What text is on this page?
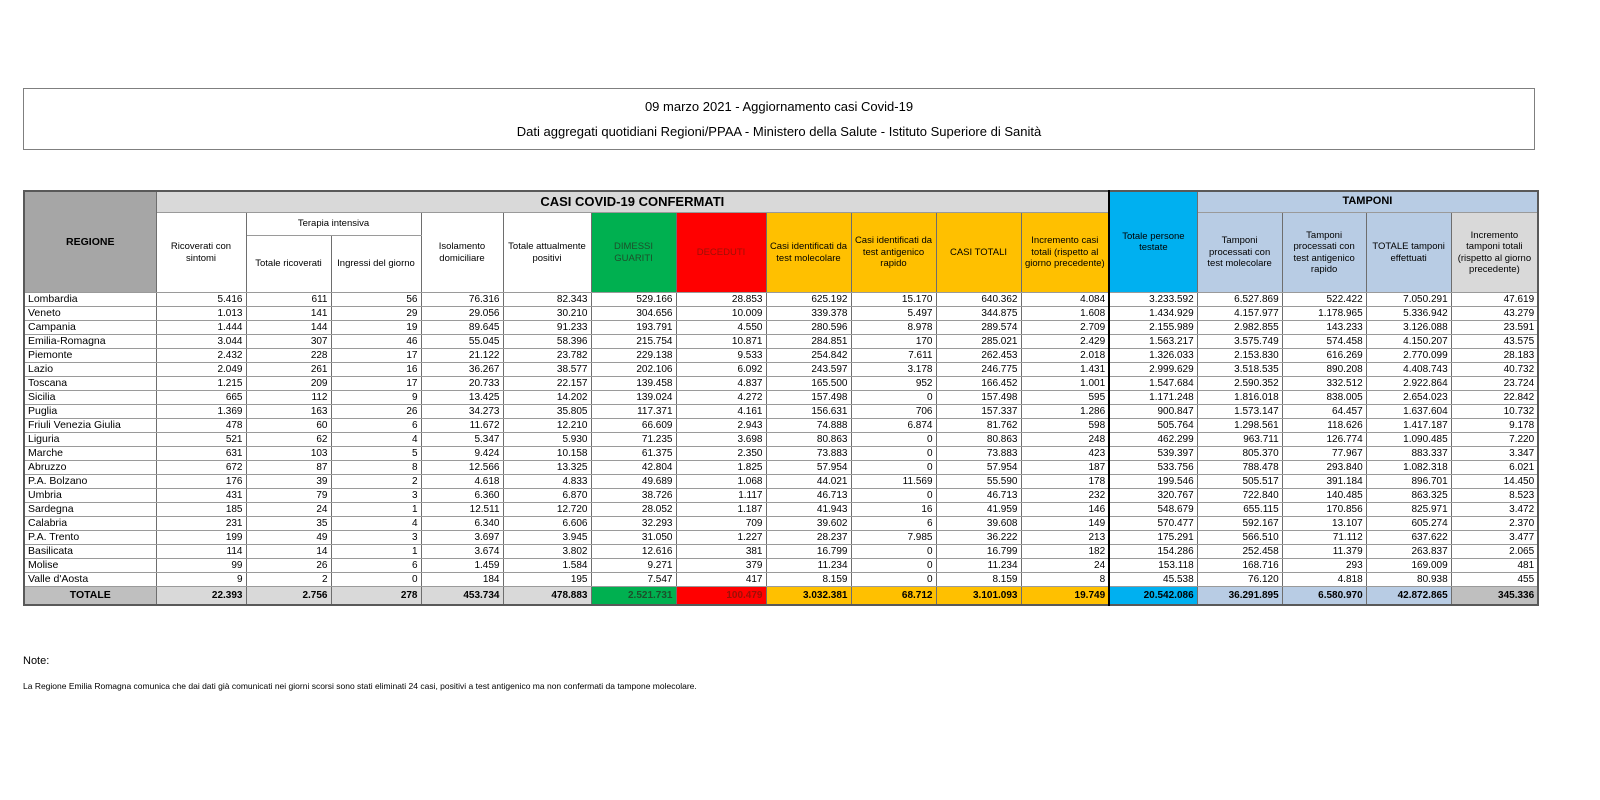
09 marzo 2021 - Aggiornamento casi Covid-19

Dati aggregati quotidiani Regioni/PPAA - Ministero della Salute - Istituto Superiore di Sanità

REGIONE	CASI COVID-19 CONFERMATI											Totale persone testate	TAMPONI			
	Ricoverati con sintomi	Terapia intensiva		Isolamento domiciliare	Totale attualmente positivi	DIMESSI GUARITI	DECEDUTI	Casi identificati da test molecolare	Casi identificati da test antigenico rapido	CASI TOTALI	Incremento casi totali (rispetto al giorno precedente)		Tamponi processati con test molecolare	Tamponi processati con test antigenico rapido	TOTALE tamponi effettuati	Incremento tamponi totali (rispetto al giorno precedente)
		Totale ricoverati	Ingressi del giorno													
Lombardia	5.416	611	56	76.316	82.343	529.166	28.853	625.192	15.170	640.362	4.084	3.233.592	6.527.869	522.422	7.050.291	47.619
Veneto	1.013	141	29	29.056	30.210	304.656	10.009	339.378	5.497	344.875	1.608	1.434.929	4.157.977	1.178.965	5.336.942	43.279
Campania	1.444	144	19	89.645	91.233	193.791	4.550	280.596	8.978	289.574	2.709	2.155.989	2.982.855	143.233	3.126.088	23.591
Emilia-Romagna	3.044	307	46	55.045	58.396	215.754	10.871	284.851	170	285.021	2.429	1.563.217	3.575.749	574.458	4.150.207	43.575
Piemonte	2.432	228	17	21.122	23.782	229.138	9.533	254.842	7.611	262.453	2.018	1.326.033	2.153.830	616.269	2.770.099	28.183
Lazio	2.049	261	16	36.267	38.577	202.106	6.092	243.597	3.178	246.775	1.431	2.999.629	3.518.535	890.208	4.408.743	40.732
Toscana	1.215	209	17	20.733	22.157	139.458	4.837	165.500	952	166.452	1.001	1.547.684	2.590.352	332.512	2.922.864	23.724
Sicilia	665	112	9	13.425	14.202	139.024	4.272	157.498	0	157.498	595	1.171.248	1.816.018	838.005	2.654.023	22.842
Puglia	1.369	163	26	34.273	35.805	117.371	4.161	156.631	706	157.337	1.286	900.847	1.573.147	64.457	1.637.604	10.732
Friuli Venezia Giulia	478	60	6	11.672	12.210	66.609	2.943	74.888	6.874	81.762	598	505.764	1.298.561	118.626	1.417.187	9.178
Liguria	521	62	4	5.347	5.930	71.235	3.698	80.863	0	80.863	248	462.299	963.711	126.774	1.090.485	7.220
Marche	631	103	5	9.424	10.158	61.375	2.350	73.883	0	73.883	423	539.397	805.370	77.967	883.337	3.347
Abruzzo	672	87	8	12.566	13.325	42.804	1.825	57.954	0	57.954	187	533.756	788.478	293.840	1.082.318	6.021
P.A. Bolzano	176	39	2	4.618	4.833	49.689	1.068	44.021	11.569	55.590	178	199.546	505.517	391.184	896.701	14.450
Umbria	431	79	3	6.360	6.870	38.726	1.117	46.713	0	46.713	232	320.767	722.840	140.485	863.325	8.523
Sardegna	185	24	1	12.511	12.720	28.052	1.187	41.943	16	41.959	146	548.679	655.115	170.856	825.971	3.472
Calabria	231	35	4	6.340	6.606	32.293	709	39.602	6	39.608	149	570.477	592.167	13.107	605.274	2.370
P.A. Trento	199	49	3	3.697	3.945	31.050	1.227	28.237	7.985	36.222	213	175.291	566.510	71.112	637.622	3.477
Basilicata	114	14	1	3.674	3.802	12.616	381	16.799	0	16.799	182	154.286	252.458	11.379	263.837	2.065
Molise	99	26	6	1.459	1.584	9.271	379	11.234	0	11.234	24	153.118	168.716	293	169.009	481
Valle d'Aosta	9	2	0	184	195	7.547	417	8.159	0	8.159	8	45.538	76.120	4.818	80.938	455
TOTALE	22.393	2.756	278	453.734	478.883	2.521.731	100.479	3.032.381	68.712	3.101.093	19.749	20.542.086	36.291.895	6.580.970	42.872.865	345.336
Note:
La Regione Emilia Romagna comunica che dai dati già comunicati nei giorni scorsi sono stati eliminati 24 casi, positivi a test antigenico ma non confermati da tampone molecolare.
